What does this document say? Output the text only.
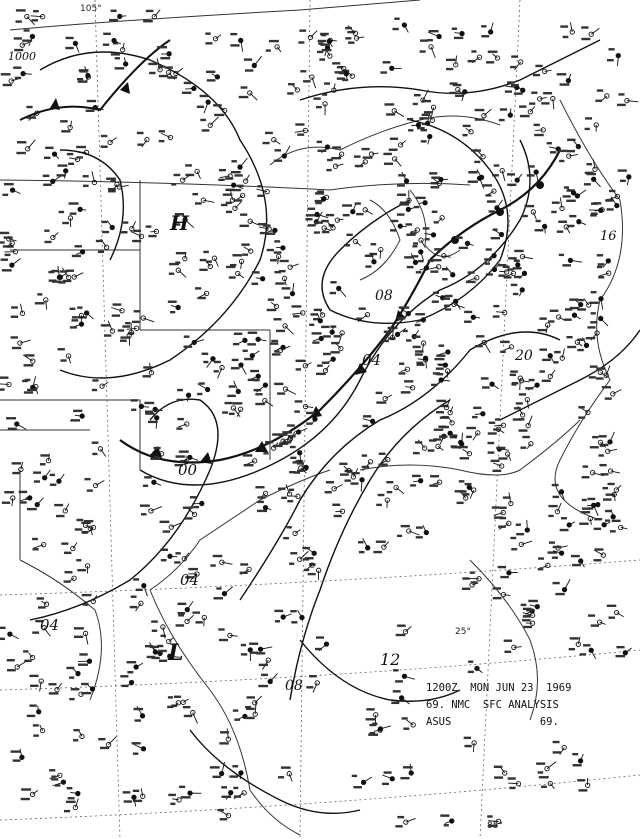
12
08
04
04
04
00
08
1000
20
16
L
H
105°
25°
85°
1200Z MON JUN 23 1969
69. NMC SFC ANALYSIS
ASUS	69.
